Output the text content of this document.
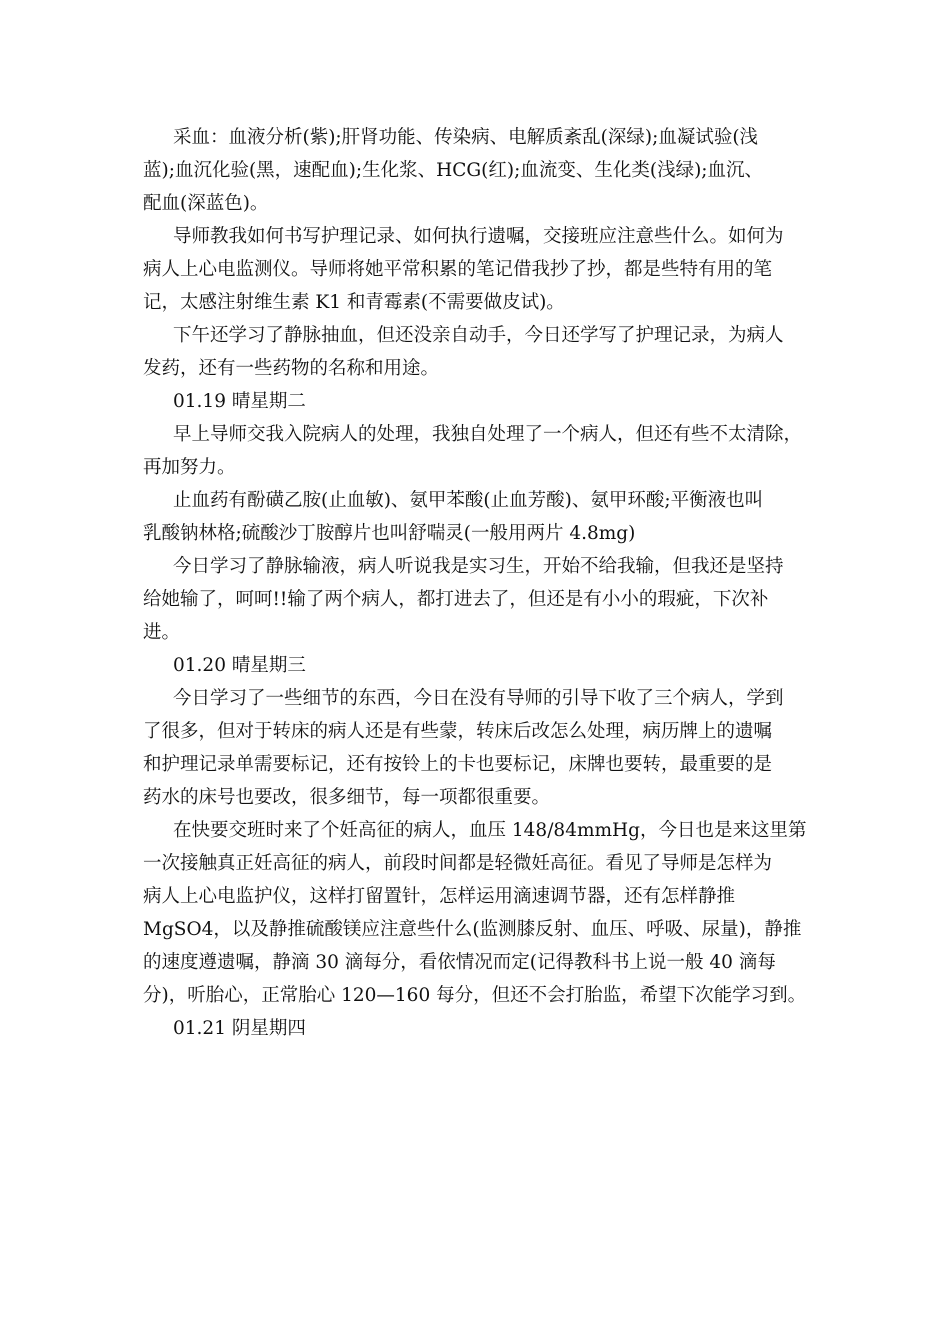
采血：血液分析(紫);肝肾功能、传染病、电解质紊乱(深绿);血凝试验(浅
蓝);血沉化验(黑，速配血);生化浆、HCG(红);血流变、生化类(浅绿);血沉、
配血(深蓝色)。
导师教我如何书写护理记录、如何执行遗嘱，交接班应注意些什么。如何为
病人上心电监测仪。导师将她平常积累的笔记借我抄了抄，都是些特有用的笔
记，太感注射维生素 K1 和青霉素(不需要做皮试)。
下午还学习了静脉抽血，但还没亲自动手，今日还学写了护理记录，为病人
发药，还有一些药物的名称和用途。
01.19 晴星期二
早上导师交我入院病人的处理，我独自处理了一个病人，但还有些不太清除，
再加努力。
止血药有酚磺乙胺(止血敏)、氨甲苯酸(止血芳酸)、氨甲环酸;平衡液也叫
乳酸钠林格;硫酸沙丁胺醇片也叫舒喘灵(一般用两片 4.8mg)
今日学习了静脉输液，病人听说我是实习生，开始不给我输，但我还是坚持
给她输了，呵呵!!输了两个病人，都打进去了，但还是有小小的瑕疵，下次补
进。
01.20 晴星期三
今日学习了一些细节的东西，今日在没有导师的引导下收了三个病人，学到
了很多，但对于转床的病人还是有些蒙，转床后改怎么处理，病历牌上的遗嘱
和护理记录单需要标记，还有按铃上的卡也要标记，床牌也要转，最重要的是
药水的床号也要改，很多细节，每一项都很重要。
在快要交班时来了个妊高征的病人，血压 148/84mmHg，今日也是来这里第
一次接触真正妊高征的病人，前段时间都是轻微妊高征。看见了导师是怎样为
病人上心电监护仪，这样打留置针，怎样运用滴速调节器，还有怎样静推
MgSO4，以及静推硫酸镁应注意些什么(监测膝反射、血压、呼吸、尿量)，静推
的速度遵遗嘱，静滴 30 滴每分，看依情况而定(记得教科书上说一般 40 滴每
分)，听胎心，正常胎心 120—160 每分，但还不会打胎监，希望下次能学习到。
01.21 阴星期四
